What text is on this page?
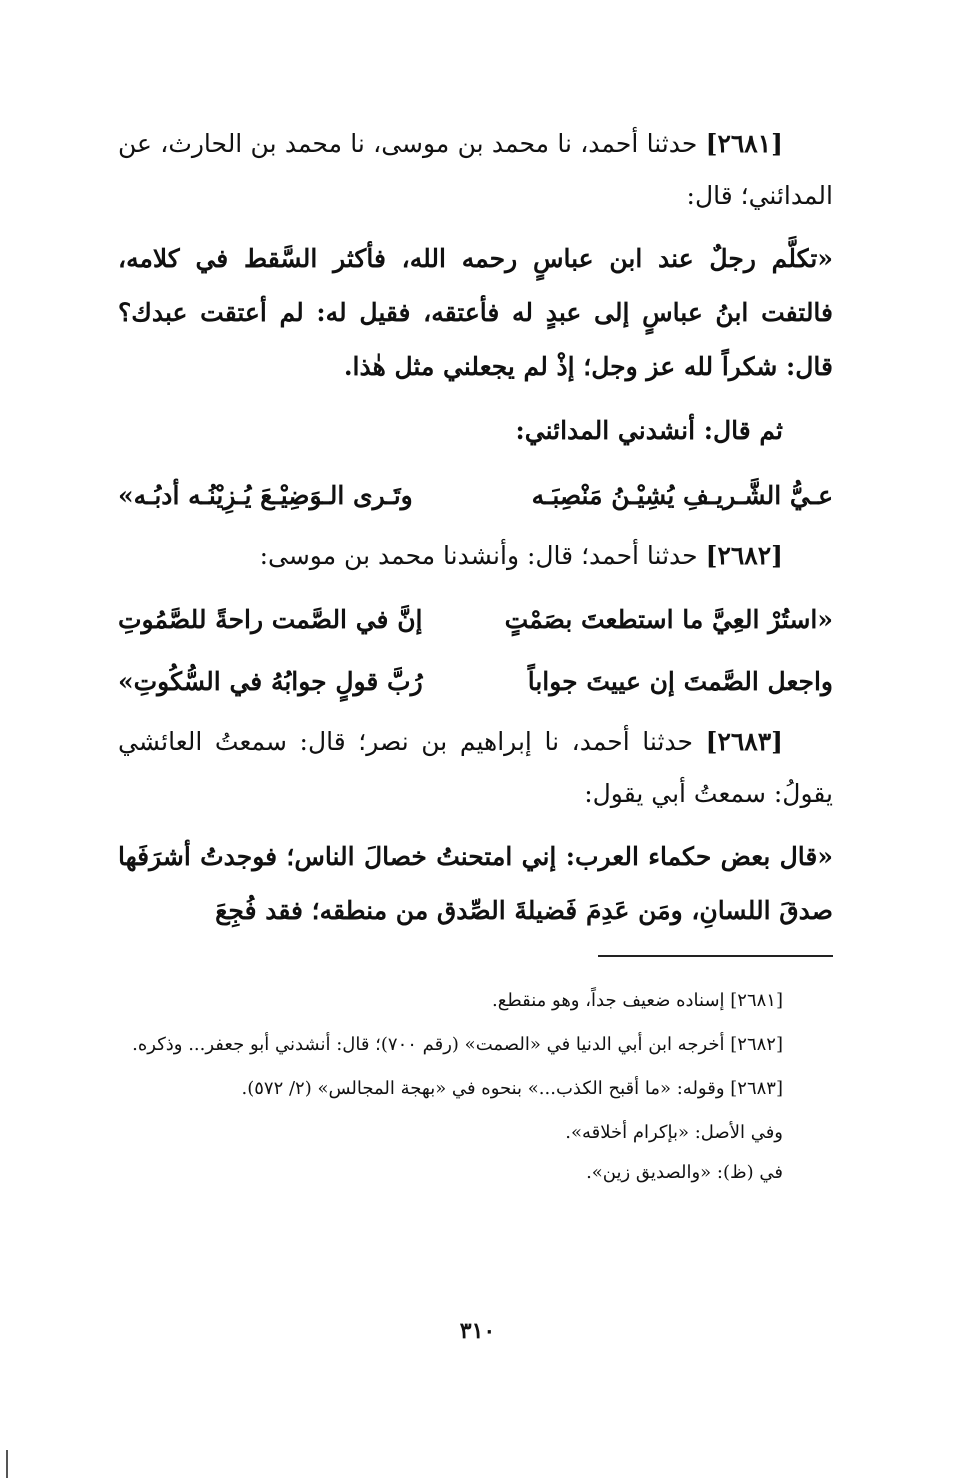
[٢٦٨١] حدثنا أحمد، نا محمد بن موسى، نا محمد بن الحارث، عن المدائني؛ قال:

«تكلَّم رجلٌ عند ابن عباسٍ رحمه الله، فأكثر السَّقط في كلامه، فالتفت ابنُ عباسٍ إلى عبدٍ له فأعتقه، فقيل له: لم أعتقت عبدك؟ قال: شكراً لله عز وجل؛ إذْ لم يجعلني مثل هٰذا.

ثم قال: أنشدني المدائني:

عـيُّ الشَّـريـفِ يُشِيْـنُ مَنْصِبَـه
وتَـرى الـوَضِيْـعَ يُـزِيْنُـه أدبُـه»

[٢٦٨٢] حدثنا أحمد؛ قال: وأنشدنا محمد بن موسى:

«استُرْ العِيَّ ما استطعتَ بصَمْتٍ
إنَّ في الصَّمت راحةً للصَّمُوتِ
واجعل الصَّمتَ إن عييتَ جواباً
رُبَّ قولٍ جوابُهُ في السُّكُوتِ»

[٢٦٨٣] حدثنا أحمد، نا إبراهيم بن نصر؛ قال: سمعتُ العائشي يقولُ: سمعتُ أبي يقول:

«قال بعض حكماء العرب: إني امتحنتُ خصالَ الناس؛ فوجدتُ أشرَفَها صدقَ اللسانِ، ومَن عَدِمَ فَضيلةَ الصِّدق من منطقه؛ فقد فُجِعَ

[٢٦٨١] إسناده ضعيف جداً، وهو منقطع.

[٢٦٨٢] أخرجه ابن أبي الدنيا في «الصمت» (رقم ٧٠٠)؛ قال: أنشدني أبو جعفر... وذكره.

[٢٦٨٣] وقوله: «ما أقبح الكذب...» بنحوه في «بهجة المجالس» (٢/ ٥٧٢).

وفي الأصل: «بإكرام أخلاقه».

في (ظ): «والصديق زين».

٣١٠
